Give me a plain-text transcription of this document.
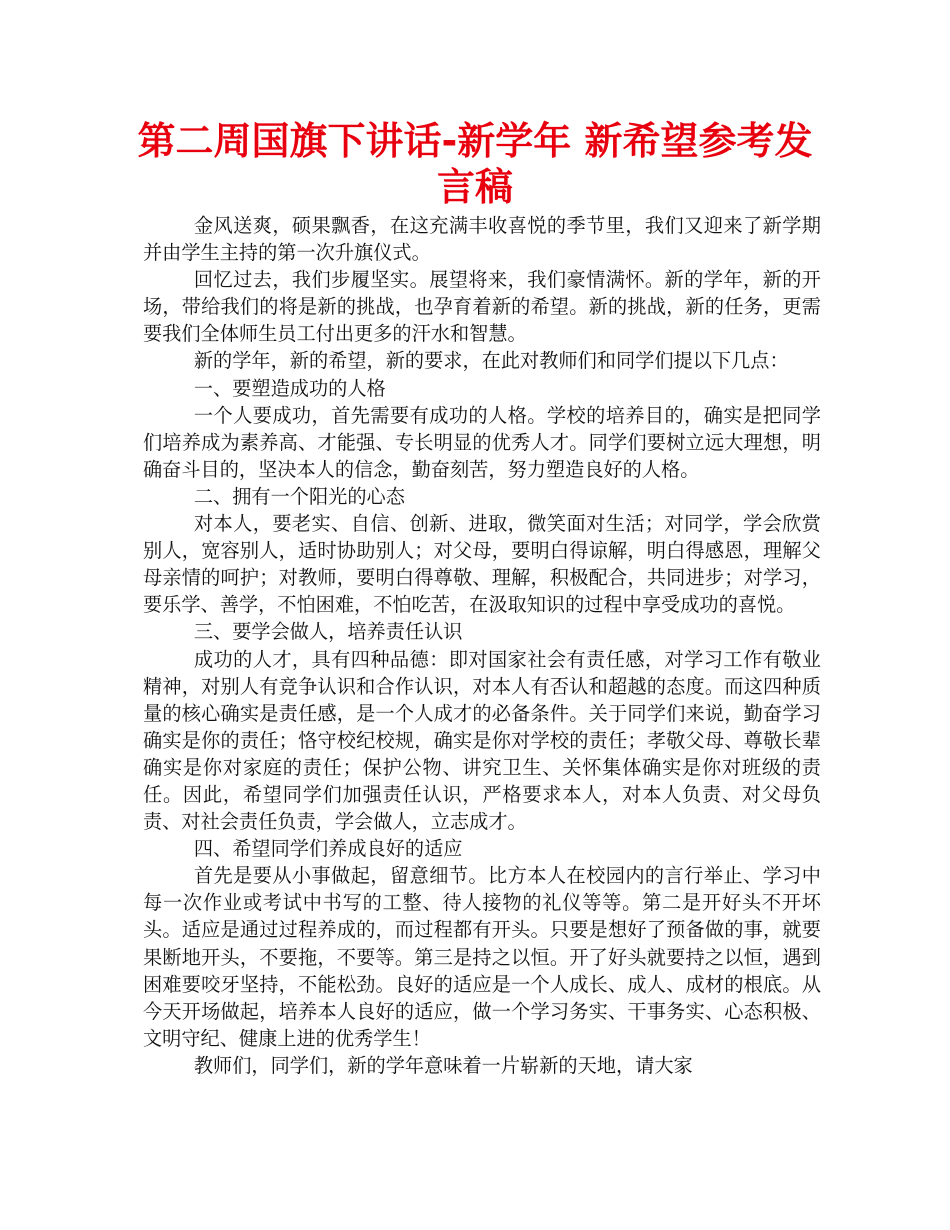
第二周国旗下讲话-新学年 新希望参考发言稿

金风送爽，硕果飘香，在这充满丰收喜悦的季节里，我们又迎来了新学期并由学生主持的第一次升旗仪式。

回忆过去，我们步履坚实。展望将来，我们豪情满怀。新的学年，新的开场，带给我们的将是新的挑战，也孕育着新的希望。新的挑战，新的任务，更需要我们全体师生员工付出更多的汗水和智慧。

新的学年，新的希望，新的要求，在此对教师们和同学们提以下几点：

一、要塑造成功的人格

一个人要成功，首先需要有成功的人格。学校的培养目的，确实是把同学们培养成为素养高、才能强、专长明显的优秀人才。同学们要树立远大理想，明确奋斗目的，坚决本人的信念，勤奋刻苦，努力塑造良好的人格。

二、拥有一个阳光的心态

对本人，要老实、自信、创新、进取，微笑面对生活；对同学，学会欣赏别人，宽容别人，适时协助别人；对父母，要明白得谅解，明白得感恩，理解父母亲情的呵护；对教师，要明白得尊敬、理解，积极配合，共同进步；对学习，要乐学、善学，不怕困难，不怕吃苦，在汲取知识的过程中享受成功的喜悦。

三、要学会做人，培养责任认识

成功的人才，具有四种品德：即对国家社会有责任感，对学习工作有敬业精神，对别人有竞争认识和合作认识，对本人有否认和超越的态度。而这四种质量的核心确实是责任感，是一个人成才的必备条件。关于同学们来说，勤奋学习确实是你的责任；恪守校纪校规，确实是你对学校的责任；孝敬父母、尊敬长辈确实是你对家庭的责任；保护公物、讲究卫生、关怀集体确实是你对班级的责任。因此，希望同学们加强责任认识，严格要求本人，对本人负责、对父母负责、对社会责任负责，学会做人，立志成才。

四、希望同学们养成良好的适应

首先是要从小事做起，留意细节。比方本人在校园内的言行举止、学习中每一次作业或考试中书写的工整、待人接物的礼仪等等。第二是开好头不开坏头。适应是通过过程养成的，而过程都有开头。只要是想好了预备做的事，就要果断地开头，不要拖，不要等。第三是持之以恒。开了好头就要持之以恒，遇到困难要咬牙坚持，不能松劲。良好的适应是一个人成长、成人、成材的根底。从今天开场做起，培养本人良好的适应，做一个学习务实、干事务实、心态积极、文明守纪、健康上进的优秀学生！

教师们，同学们，新的学年意味着一片崭新的天地，请大家
